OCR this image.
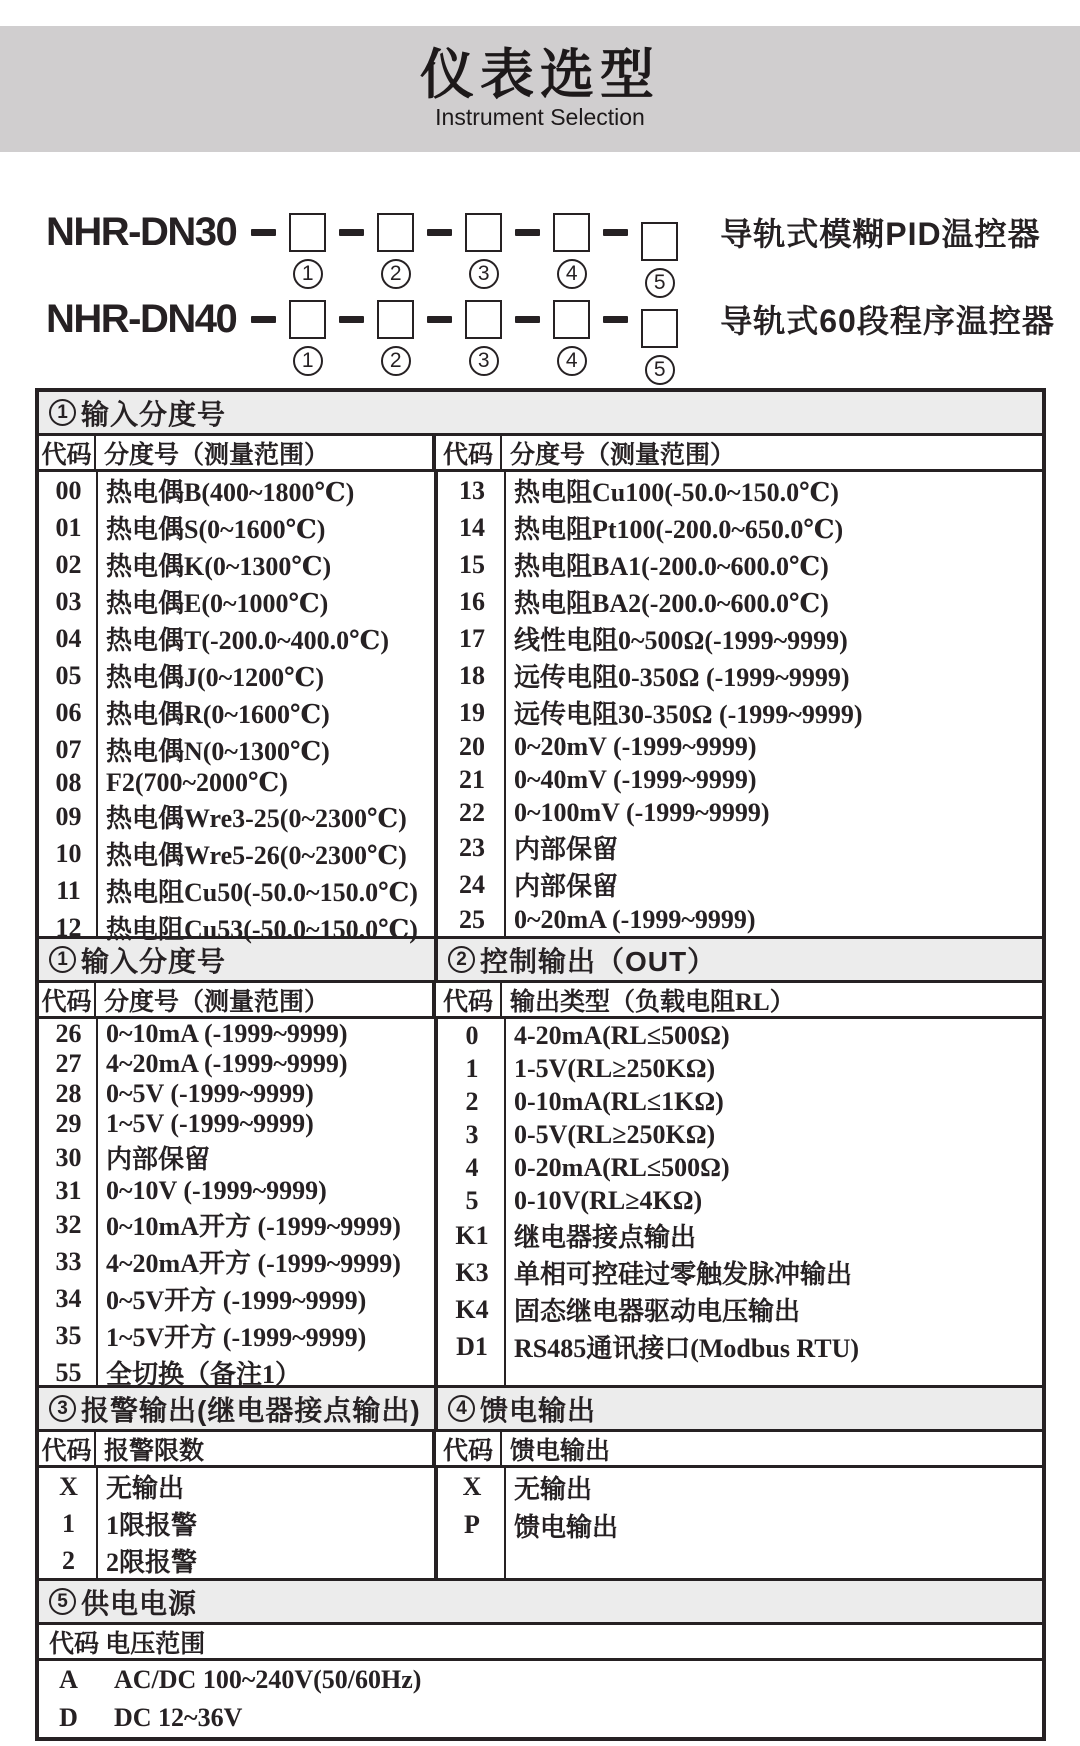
仪表选型
Instrument Selection
NHR-DN30
1	2	3	4	5
导轨式模糊PID温控器
NHR-DN40
1	2	3	4	5
导轨式60段程序温控器
1 输入分度号
代码 分度号（测量范围）	代码 分度号（测量范围）
00 热电偶B(400~1800℃)
01 热电偶S(0~1600℃)
02 热电偶K(0~1300℃)
03 热电偶E(0~1000℃)
04 热电偶T(-200.0~400.0℃)
05 热电偶J(0~1200℃)
06 热电偶R(0~1600℃)
07 热电偶N(0~1300℃)
08 F2(700~2000℃)
09 热电偶Wre3-25(0~2300℃)
10 热电偶Wre5-26(0~2300℃)
11 热电阻Cu50(-50.0~150.0℃)
12 热电阻Cu53(-50.0~150.0℃)
13	热电阻Cu100(-50.0~150.0℃)
14	热电阻Pt100(-200.0~650.0℃)
15	热电阻BA1(-200.0~600.0℃)
16	热电阻BA2(-200.0~600.0℃)
17	线性电阻0~500Ω(-1999~9999)
18	远传电阻0-350Ω (-1999~9999)
19	远传电阻30-350Ω (-1999~9999)
20	0~20mV (-1999~9999)
21	0~40mV (-1999~9999)
22	0~100mV (-1999~9999)
23	内部保留
24	内部保留
25	0~20mA (-1999~9999)
1 输入分度号	2 控制输出（OUT）
代码 分度号（测量范围）	代码 输出类型（负载电阻RL）
26 0~10mA (-1999~9999)
27 4~20mA (-1999~9999)
28 0~5V (-1999~9999)
29 1~5V (-1999~9999)
30 内部保留
31 0~10V (-1999~9999)
32 0~10mA开方 (-1999~9999)
33 4~20mA开方 (-1999~9999)
34 0~5V开方 (-1999~9999)
35 1~5V开方 (-1999~9999)
55 全切换（备注1）
0	4-20mA(RL≤500Ω)
1	1-5V(RL≥250KΩ)
2	0-10mA(RL≤1KΩ)
3	0-5V(RL≥250KΩ)
4	0-20mA(RL≤500Ω)
5	0-10V(RL≥4KΩ)
K1 继电器接点输出
K3 单相可控硅过零触发脉冲输出
K4 固态继电器驱动电压输出
D1	RS485通讯接口(Modbus RTU)
3 报警输出(继电器接点输出)	4 馈电输出
代码 报警限数	代码 馈电输出
X	无输出
1	1限报警
2	2限报警
X	无输出
P	馈电输出
5 供电电源
代码 电压范围
A	AC/DC 100~240V(50/60Hz)
D	DC 12~36V
